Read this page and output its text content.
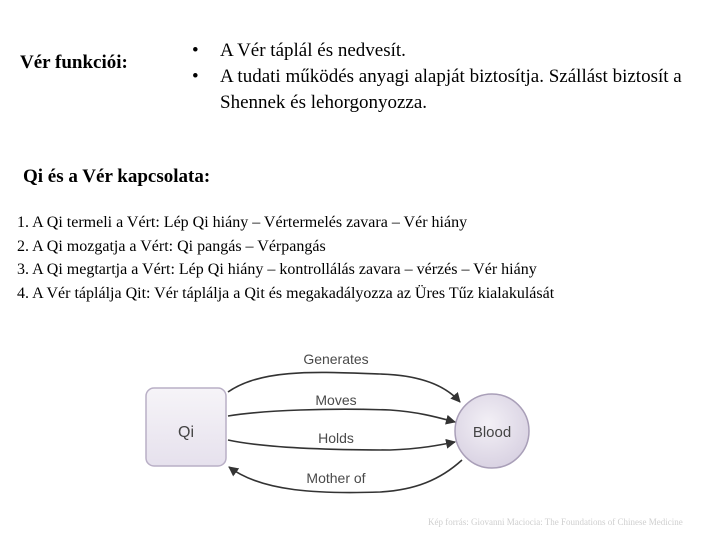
Vér funkciói:
• A Vér táplál és nedvesít.
• A tudati működés anyagi alapját biztosítja. Szállást biztosít a Shennek és lehorgonyozza.
Qi és a Vér kapcsolata:
1. A Qi termeli a Vért: Lép Qi hiány – Vértermelés zavara – Vér hiány
2. A Qi mozgatja a Vért: Qi pangás – Vérpangás
3. A Qi megtartja a Vért: Lép Qi hiány – kontrollálás zavara – vérzés – Vér hiány
4. A Vér táplálja Qit: Vér táplálja a Qit és megakadályozza az Üres Tűz kialakulását
Qi	Blood
Generates
Moves
Holds
Mother of
Kép forrás: Giovanni Maciocia: The Foundations of Chinese Medicine
